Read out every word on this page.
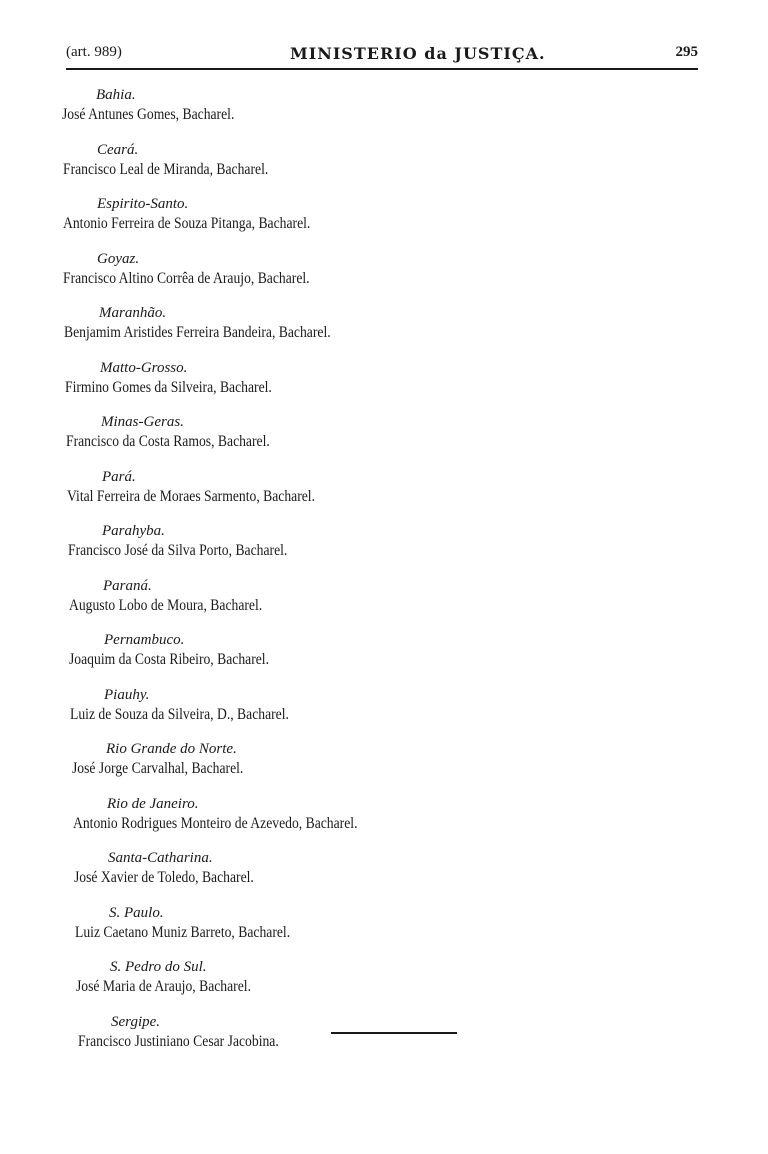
(art. 989)	MINISTERIO da JUSTIÇA.	295
Bahia.
José Antunes Gomes, Bacharel.
Ceará.
Francisco Leal de Miranda, Bacharel.
Espirito-Santo.
Antonio Ferreira de Souza Pitanga, Bacharel.
Goyaz.
Francisco Altino Corrêa de Araujo, Bacharel.
Maranhão.
Benjamim Aristides Ferreira Bandeira, Bacharel.
Matto-Grosso.
Firmino Gomes da Silveira, Bacharel.
Minas-Geras.
Francisco da Costa Ramos, Bacharel.
Pará.
Vital Ferreira de Moraes Sarmento, Bacharel.
Parahyba.
Francisco José da Silva Porto, Bacharel.
Paraná.
Augusto Lobo de Moura, Bacharel.
Pernambuco.
Joaquim da Costa Ribeiro, Bacharel.
Piauhy.
Luiz de Souza da Silveira, D., Bacharel.
Rio Grande do Norte.
José Jorge Carvalhal, Bacharel.
Rio de Janeiro.
Antonio Rodrigues Monteiro de Azevedo, Bacharel.
Santa-Catharina.
José Xavier de Toledo, Bacharel.
S. Paulo.
Luiz Caetano Muniz Barreto, Bacharel.
S. Pedro do Sul.
José Maria de Araujo, Bacharel.
Sergipe.
Francisco Justiniano Cesar Jacobina.
